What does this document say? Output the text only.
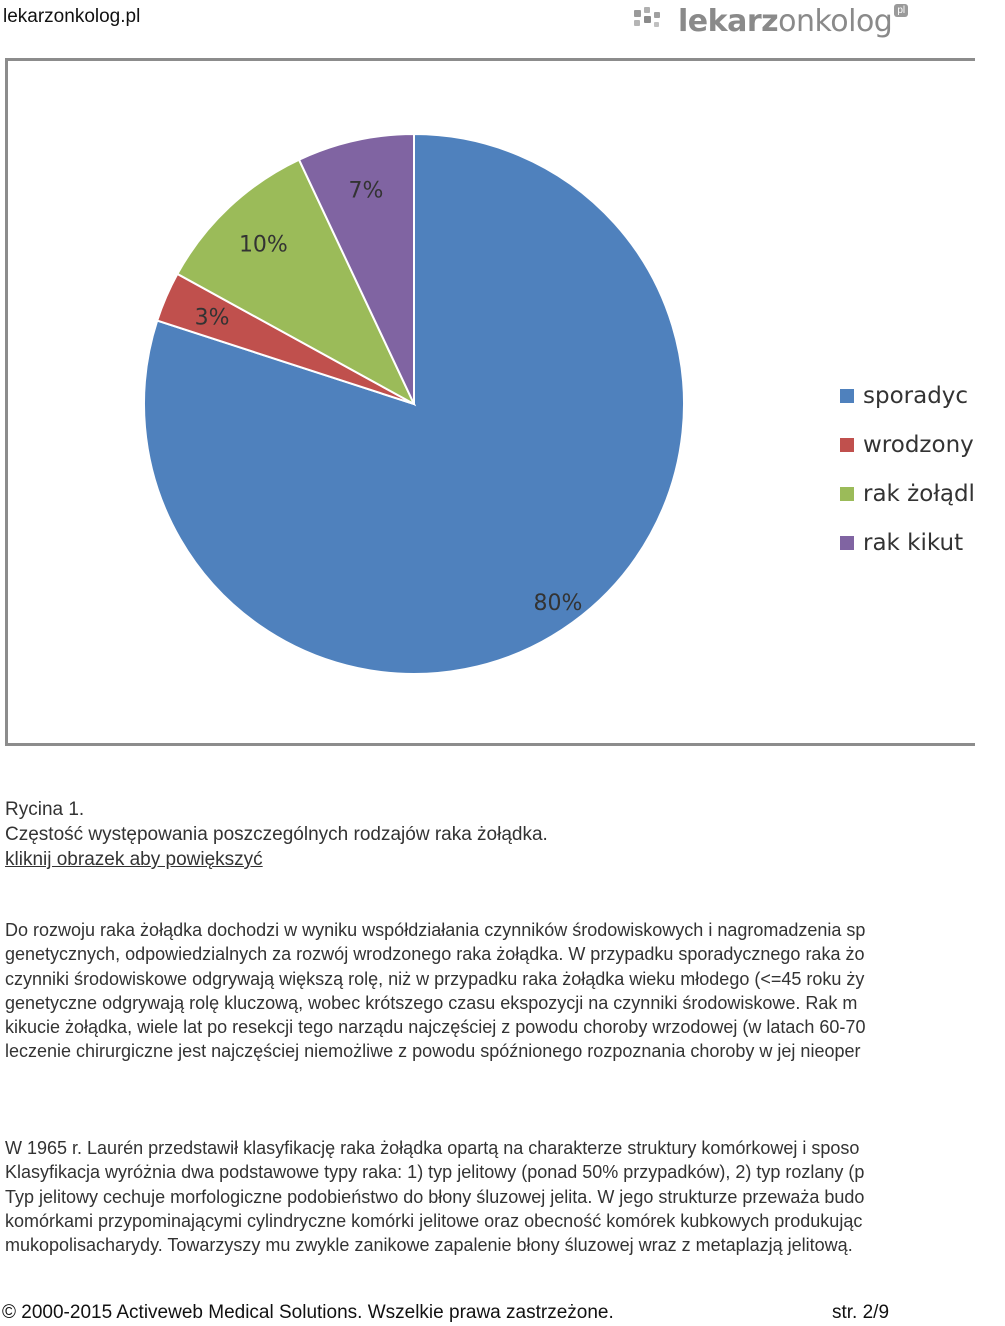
lekarzonkolog.pl	lekarzonkolog pl
80%
3%
10%
7%
sporadyc
wrodzony
rak żołądl
rak kikut
Rycina 1.
Częstość występowania poszczególnych rodzajów raka żołądka.
kliknij obrazek aby powiększyć
Do rozwoju raka żołądka dochodzi w wyniku współdziałania czynników środowiskowych i nagromadzenia sp
genetycznych, odpowiedzialnych za rozwój wrodzonego raka żołądka. W przypadku sporadycznego raka żo
czynniki środowiskowe odgrywają większą rolę, niż w przypadku raka żołądka wieku młodego (<=45 roku ży
genetyczne odgrywają rolę kluczową, wobec krótszego czasu ekspozycji na czynniki środowiskowe. Rak m
kikucie żołądka, wiele lat po resekcji tego narządu najczęściej z powodu choroby wrzodowej (w latach 60-70
leczenie chirurgiczne jest najczęściej niemożliwe z powodu spóźnionego rozpoznania choroby w jej nieoper
W 1965 r. Laurén przedstawił klasyfikację raka żołądka opartą na charakterze struktury komórkowej i sposo
Klasyfikacja wyróżnia dwa podstawowe typy raka: 1) typ jelitowy (ponad 50% przypadków), 2) typ rozlany (p
Typ jelitowy cechuje morfologiczne podobieństwo do błony śluzowej jelita. W jego strukturze przeważa budo
komórkami przypominającymi cylindryczne komórki jelitowe oraz obecność komórek kubkowych produkując
mukopolisacharydy. Towarzyszy mu zwykle zanikowe zapalenie błony śluzowej wraz z metaplazją jelitową.
© 2000-2015 Activeweb Medical Solutions. Wszelkie prawa zastrzeżone.	str. 2/9
